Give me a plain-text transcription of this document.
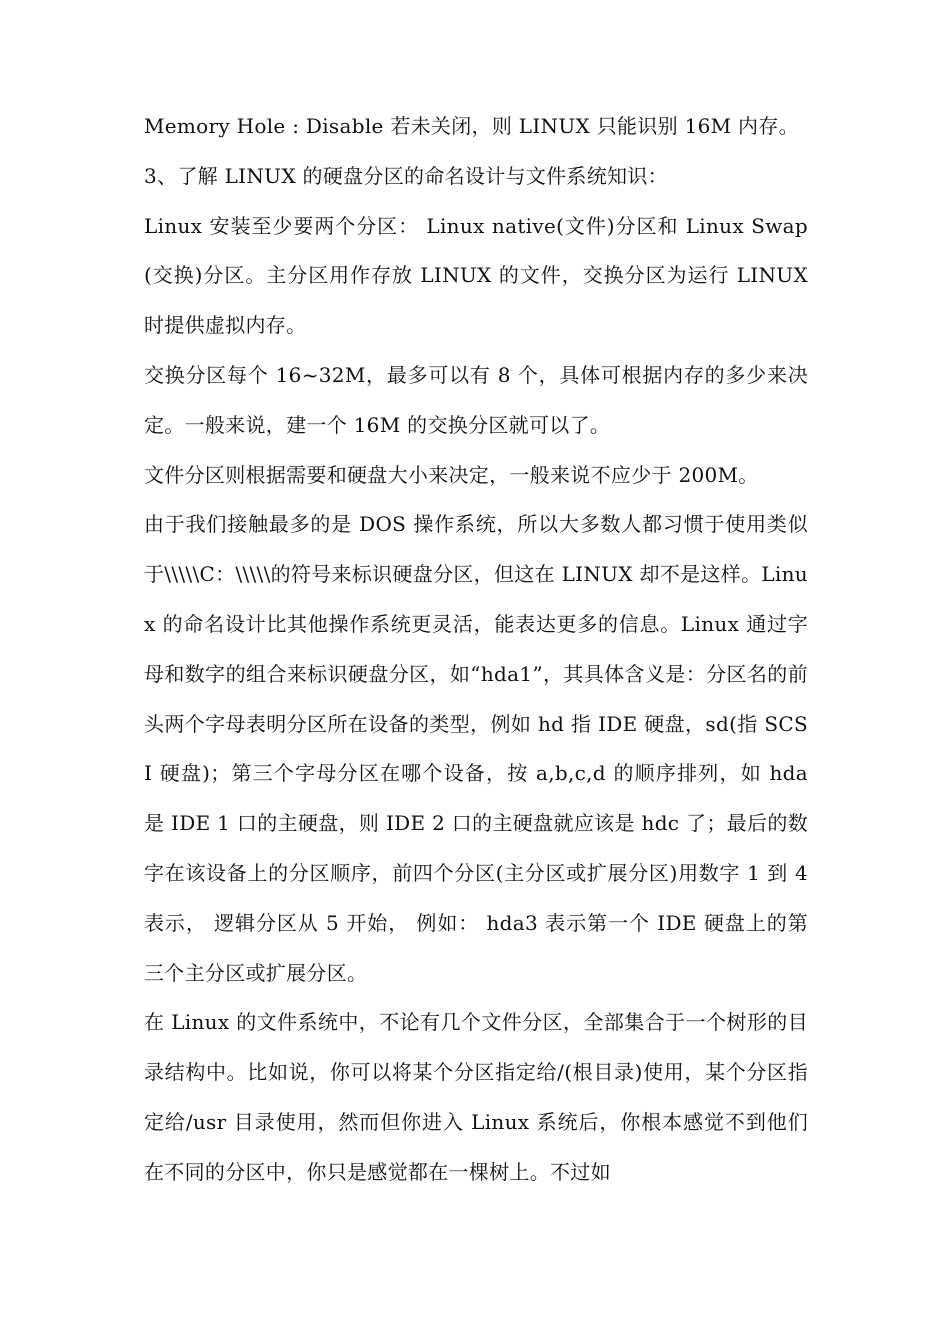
Memory Hole : Disable 若未关闭，则 LINUX 只能识别 16M 内存。

3、了解 LINUX 的硬盘分区的命名设计与文件系统知识：

Linux 安装至少要两个分区： Linux native(文件)分区和 Linux Swap(交换)分区。主分区用作存放 LINUX 的文件，交换分区为运行 LINUX 时提供虚拟内存。

交换分区每个 16~32M，最多可以有 8 个，具体可根据内存的多少来决定。一般来说，建一个 16M 的交换分区就可以了。

文件分区则根据需要和硬盘大小来决定，一般来说不应少于 200M。

由于我们接触最多的是 DOS 操作系统，所以大多数人都习惯于使用类似于\\\\\C：\\\\\的符号来标识硬盘分区，但这在 LINUX 却不是这样。Linux 的命名设计比其他操作系统更灵活，能表达更多的信息。Linux 通过字母和数字的组合来标识硬盘分区，如“hda1”，其具体含义是：分区名的前头两个字母表明分区所在设备的类型，例如 hd 指 IDE 硬盘，sd(指 SCSI 硬盘)；第三个字母分区在哪个设备，按 a,b,c,d 的顺序排列，如 hda 是 IDE 1 口的主硬盘，则 IDE 2 口的主硬盘就应该是 hdc 了；最后的数字在该设备上的分区顺序，前四个分区(主分区或扩展分区)用数字 1 到 4 表示， 逻辑分区从 5 开始， 例如： hda3 表示第一个 IDE 硬盘上的第三个主分区或扩展分区。

在 Linux 的文件系统中，不论有几个文件分区，全部集合于一个树形的目录结构中。比如说，你可以将某个分区指定给/(根目录)使用，某个分区指定给/usr 目录使用，然而但你进入 Linux 系统后，你根本感觉不到他们在不同的分区中，你只是感觉都在一棵树上。不过如
